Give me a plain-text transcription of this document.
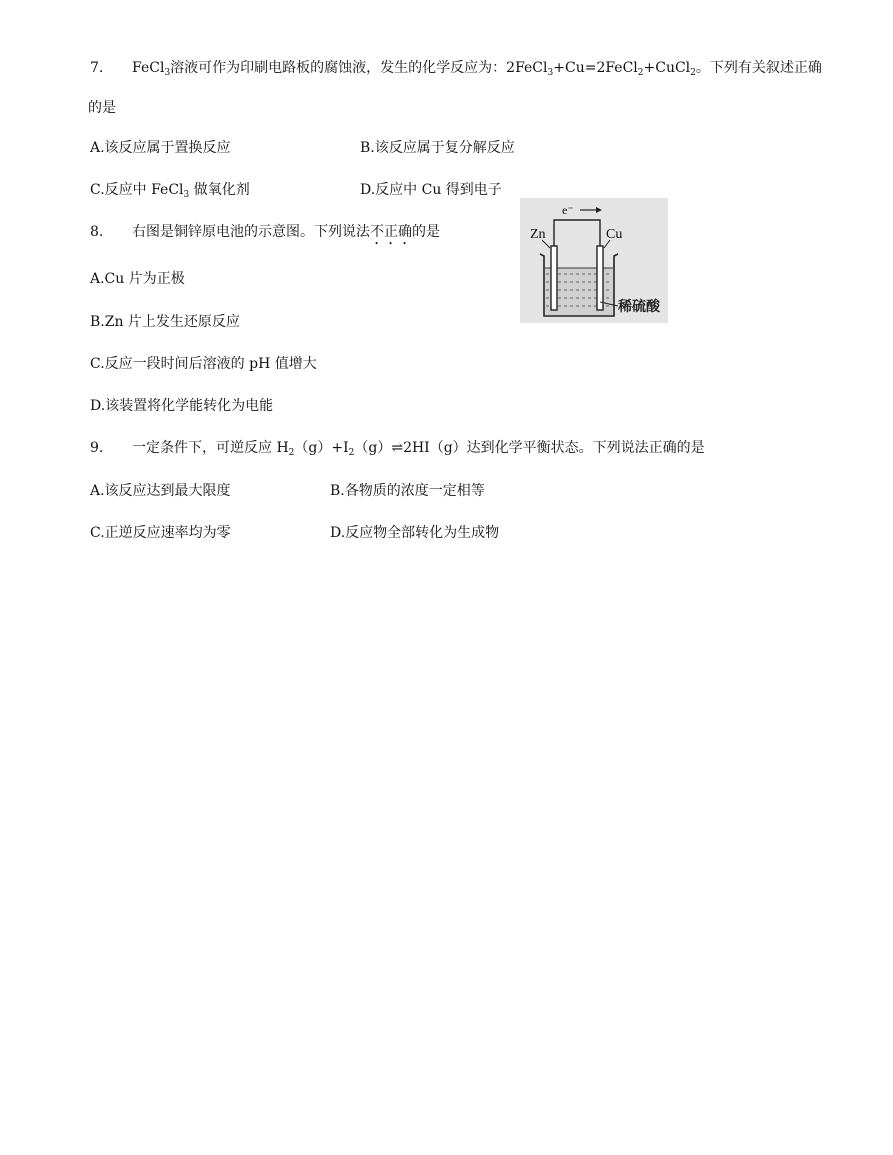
7. FeCl$_3$溶液可作为印刷电路板的腐蚀液，发生的化学反应为：2FeCl$_3$+Cu=2FeCl$_2$+CuCl$_2$。下列有关叙述正确
的是
A.该反应属于置换反应	B.该反应属于复分解反应
C.反应中 FeCl$_3$ 做氧化剂	D.反应中 Cu 得到电子
8. 右图是铜锌原电池的示意图。下列说法不正确的是
e⁻
Zn	Cu
稀硫酸
A.Cu 片为正极
B.Zn 片上发生还原反应
C.反应一段时间后溶液的 pH 值增大
D.该装置将化学能转化为电能
9. 一定条件下，可逆反应 $H_2(g)+I_2(g)\rightleftharpoons 2HI(g)$达到化学平衡状态。下列说法正确的是
A.该反应达到最大限度	B.各物质的浓度一定相等
C.正逆反应速率均为零	D.反应物全部转化为生成物
